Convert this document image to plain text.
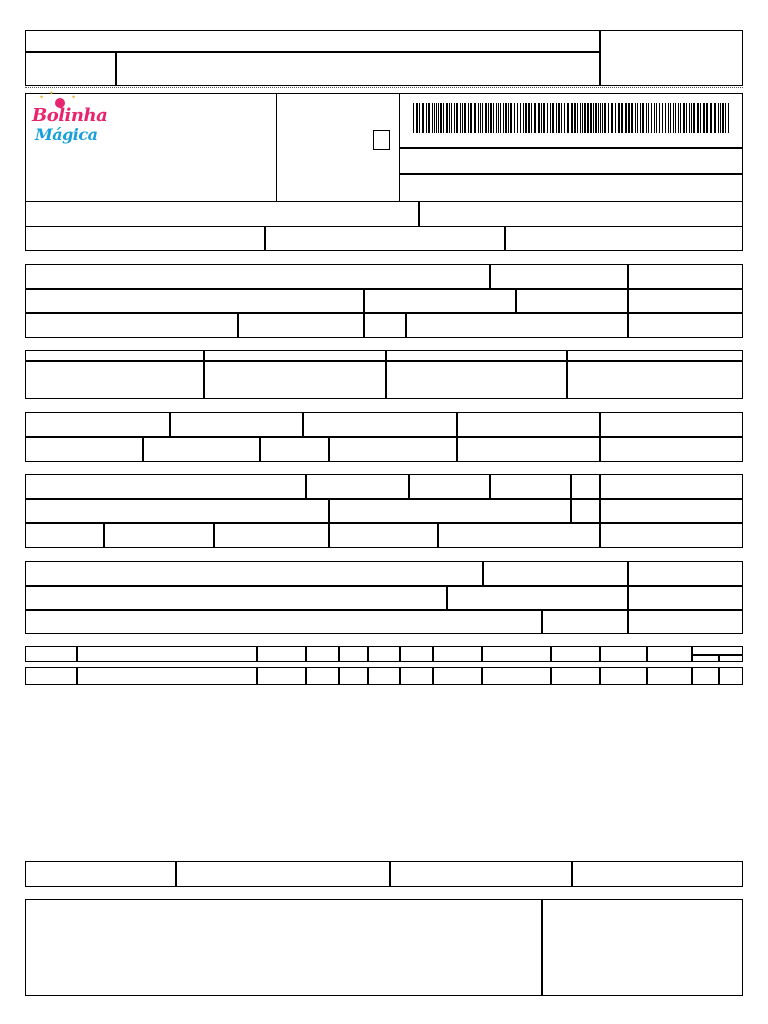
✦	✦
✦
Bolinha
Mágica
